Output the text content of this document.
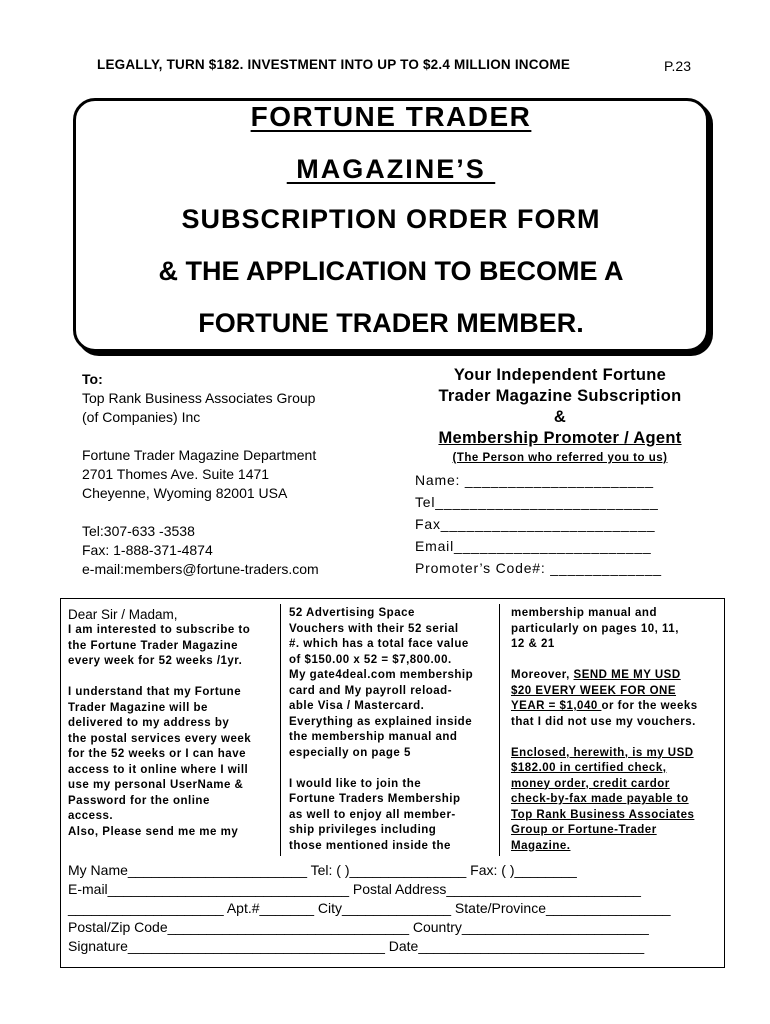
LEGALLY, TURN $182. INVESTMENT INTO UP TO $2.4 MILLION INCOME	P.23
FORTUNE TRADER
MAGAZINE’S
SUBSCRIPTION ORDER FORM
& THE APPLICATION TO BECOME A
FORTUNE TRADER MEMBER.
To:
Top Rank Business Associates Group
(of Companies) Inc
Fortune Trader Magazine Department
2701 Thomes Ave. Suite 1471
Cheyenne, Wyoming 82001 USA
Tel:307-633 -3538
Fax: 1-888-371-4874
e-mail:members@fortune-traders.com
Your Independent Fortune
Trader Magazine Subscription
&
Membership Promoter / Agent
(The Person who referred you to us)
Name: ______________________
Tel__________________________
Fax_________________________
Email_______________________
Promoter’s Code#: _____________
Dear Sir / Madam,
I am interested to subscribe to
the Fortune Trader Magazine
every week for 52 weeks /1yr.
I understand that my Fortune
Trader Magazine will be
delivered to my address by
the postal services every week
for the 52 weeks or I can have
access to it online where I will
use my personal UserName &
Password for the online
access.
Also, Please send me me my
52 Advertising Space
Vouchers with their 52 serial
#. which has a total face value
of $150.00 x 52 = $7,800.00.
My gate4deal.com membership
card and My payroll reload-
able Visa / Mastercard.
Everything as explained inside
the membership manual and
especially on page 5
I would like to join the
Fortune Traders Membership
as well to enjoy all member-
ship privileges including
those mentioned inside the
membership manual and
particularly on pages 10, 11,
12 & 21
Moreover, SEND ME MY USD
$20 EVERY WEEK FOR ONE
YEAR = $1,040 or for the weeks
that I did not use my vouchers.
Enclosed, herewith, is my USD
$182.00 in certified check,
money order, credit cardor
check-by-fax made payable to
Top Rank Business Associates
Group or Fortune-Trader
Magazine.
My Name_______________________ Tel: ( )_______________ Fax: ( )________
E-mail_______________________________ Postal Address_________________________
____________________ Apt.#_______ City______________ State/Province________________
Postal/Zip Code_______________________________ Country________________________
Signature_________________________________ Date_____________________________
